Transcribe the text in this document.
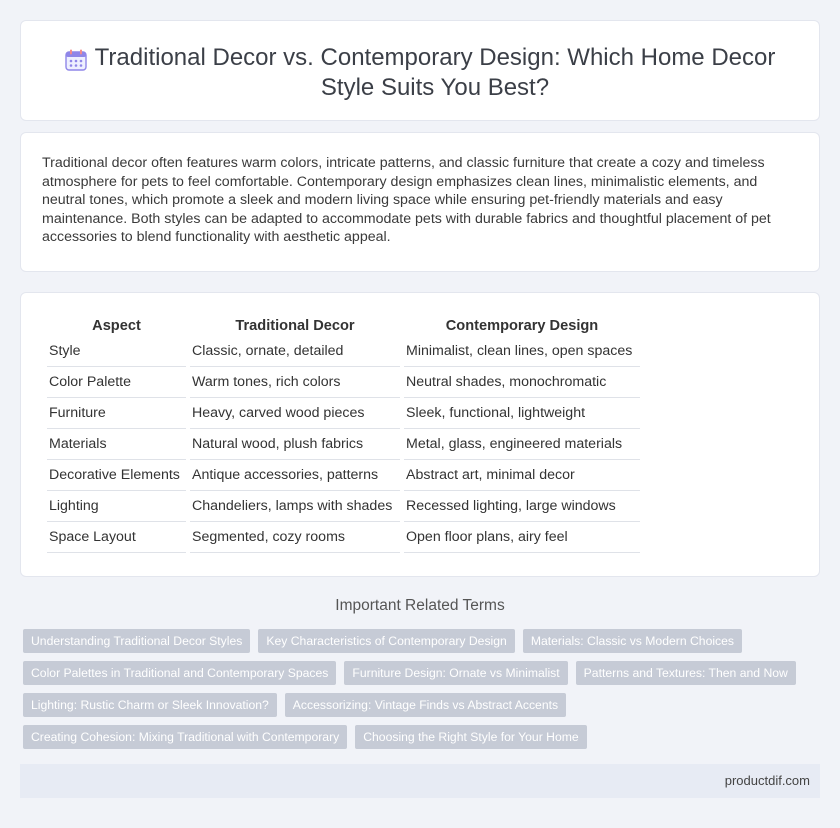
Traditional Decor vs. Contemporary Design: Which Home Decor Style Suits You Best?

Traditional decor often features warm colors, intricate patterns, and classic furniture that create a cozy and timeless atmosphere for pets to feel comfortable. Contemporary design emphasizes clean lines, minimalistic elements, and neutral tones, which promote a sleek and modern living space while ensuring pet-friendly materials and easy maintenance. Both styles can be adapted to accommodate pets with durable fabrics and thoughtful placement of pet accessories to blend functionality with aesthetic appeal.

Aspect	Traditional Decor	Contemporary Design
Style	Classic, ornate, detailed	Minimalist, clean lines, open spaces
Color Palette	Warm tones, rich colors	Neutral shades, monochromatic
Furniture	Heavy, carved wood pieces	Sleek, functional, lightweight
Materials	Natural wood, plush fabrics	Metal, glass, engineered materials
Decorative Elements	Antique accessories, patterns	Abstract art, minimal decor
Lighting	Chandeliers, lamps with shades	Recessed lighting, large windows
Space Layout	Segmented, cozy rooms	Open floor plans, airy feel
Important Related Terms
Understanding Traditional Decor Styles	Key Characteristics of Contemporary Design	Materials: Classic vs Modern Choices
Color Palettes in Traditional and Contemporary Spaces	Furniture Design: Ornate vs Minimalist	Patterns and Textures: Then and Now
Lighting: Rustic Charm or Sleek Innovation?	Accessorizing: Vintage Finds vs Abstract Accents
Creating Cohesion: Mixing Traditional with Contemporary	Choosing the Right Style for Your Home
productdif.com
